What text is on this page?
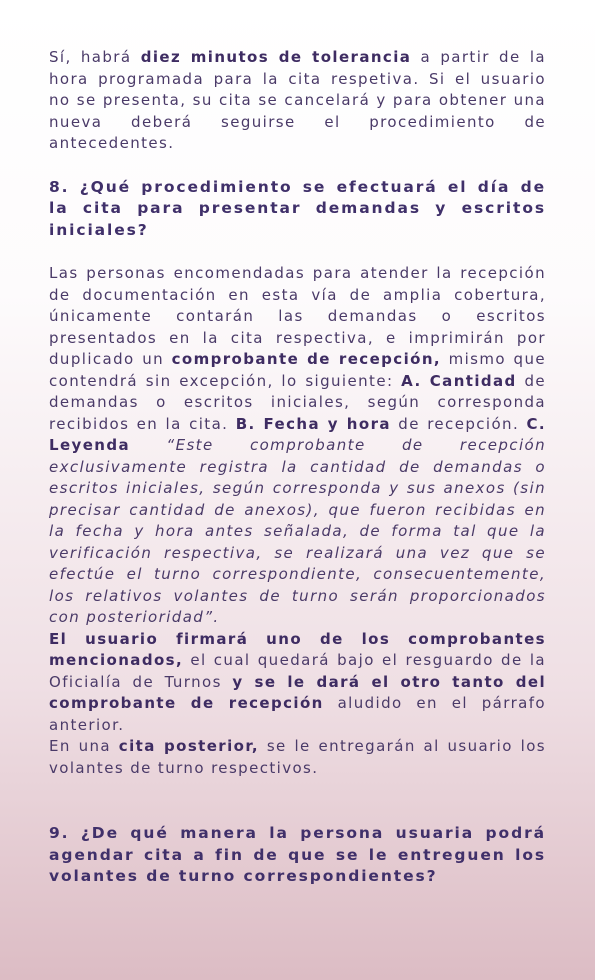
Sí, habrá diez minutos de tolerancia a partir de la hora programada para la cita respetiva. Si el usuario no se presenta, su cita se cancelará y para obtener una nueva deberá seguirse el procedimiento de antecedentes.

8. ¿Qué procedimiento se efectuará el día de la cita para presentar demandas y escritos iniciales?

Las personas encomendadas para atender la recepción de documentación en esta vía de amplia cobertura, únicamente contarán las demandas o escritos presentados en la cita respectiva, e imprimirán por duplicado un comprobante de recepción, mismo que contendrá sin excepción, lo siguiente: A. Cantidad de demandas o escritos iniciales, según corresponda recibidos en la cita. B. Fecha y hora de recepción. C. Leyenda “Este comprobante de recepción exclusivamente registra la cantidad de demandas o escritos iniciales, según corresponda y sus anexos (sin precisar cantidad de anexos), que fueron recibidas en la fecha y hora antes señalada, de forma tal que la verificación respectiva, se realizará una vez que se efectúe el turno correspondiente, consecuentemente, los relativos volantes de turno serán proporcionados con posterioridad”.

El usuario firmará uno de los comprobantes mencionados, el cual quedará bajo el resguardo de la Oficialía de Turnos y se le dará el otro tanto del comprobante de recepción aludido en el párrafo anterior.

En una cita posterior, se le entregarán al usuario los volantes de turno respectivos.

9. ¿De qué manera la persona usuaria podrá agendar cita a fin de que se le entreguen los volantes de turno correspondientes?
